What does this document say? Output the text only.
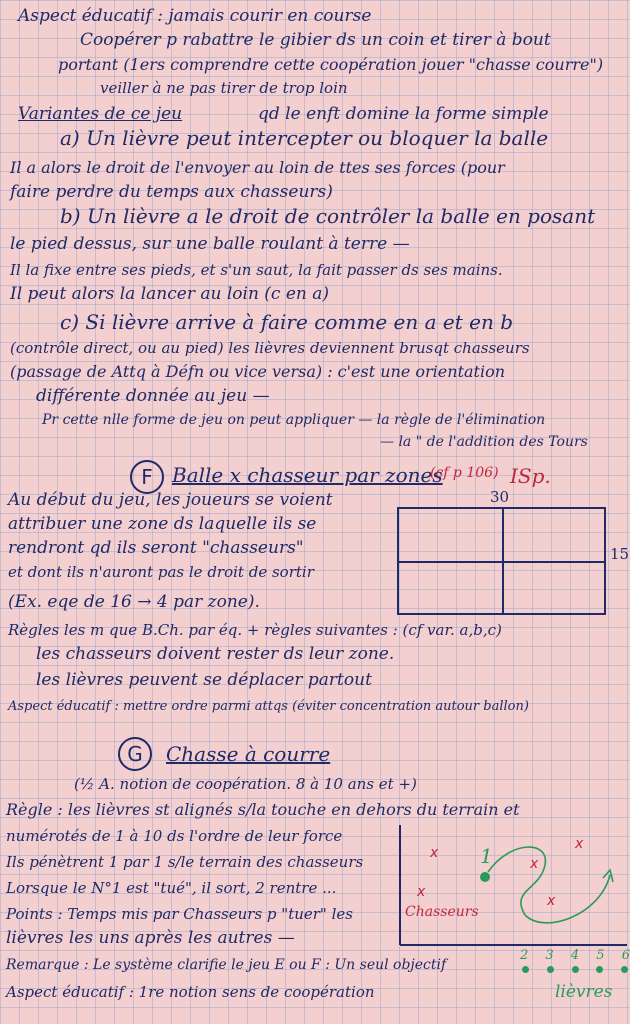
Aspect éducatif : jamais courir en course
Coopérer p rabattre le gibier ds un coin et tirer à bout
portant (1ers comprendre cette coopération jouer "chasse courre")
veiller à ne pas tirer de trop loin
Variantes de ce jeu	qd le enft domine la forme simple
a) Un lièvre peut intercepter ou bloquer la balle
Il a alors le droit de l'envoyer au loin de ttes ses forces (pour
faire perdre du temps aux chasseurs)
b) Un lièvre a le droit de contrôler la balle en posant
le pied dessus, sur une balle roulant à terre —
Il la fixe entre ses pieds, et s'un saut, la fait passer ds ses mains.
Il peut alors la lancer au loin (c en a)
c) Si lièvre arrive à faire comme en a et en b
(contrôle direct, ou au pied) les lièvres deviennent brusqt chasseurs
(passage de Attq à Défn ou vice versa) : c'est une orientation
différente donnée au jeu —
Pr cette nlle forme de jeu on peut appliquer — la règle de l'élimination
— la " de l'addition des Tours
F Balle x chasseur par zones
(cf p 106) ISp.
Au début du jeu, les joueurs se voient
attribuer une zone ds laquelle ils se
rendront qd ils seront "chasseurs"
et dont ils n'auront pas le droit de sortir
(Ex. eqe de 16 → 4 par zone).
Règles les m que B.Ch. par éq. + règles suivantes : (cf var. a,b,c)
les chasseurs doivent rester ds leur zone.
les lièvres peuvent se déplacer partout
Aspect éducatif : mettre ordre parmi attqs (éviter concentration autour ballon)
30
15
G	Chasse à courre
(½ A. notion de coopération. 8 à 10 ans et +)
Règle : les lièvres st alignés s/la touche en dehors du terrain et
numérotés de 1 à 10 ds l'ordre de leur force
Ils pénètrent 1 par 1 s/le terrain des chasseurs
Lorsque le N°1 est "tué", il sort, 2 rentre ...
Points : Temps mis par Chasseurs p "tuer" les
lièvres les uns après les autres —
Remarque : Le système clarifie le jeu E ou F : Un seul objectif
Aspect éducatif : 1re notion sens de coopération
x
x
x
x
x
1
Chasseurs
2 3 4 5 6
lièvres
